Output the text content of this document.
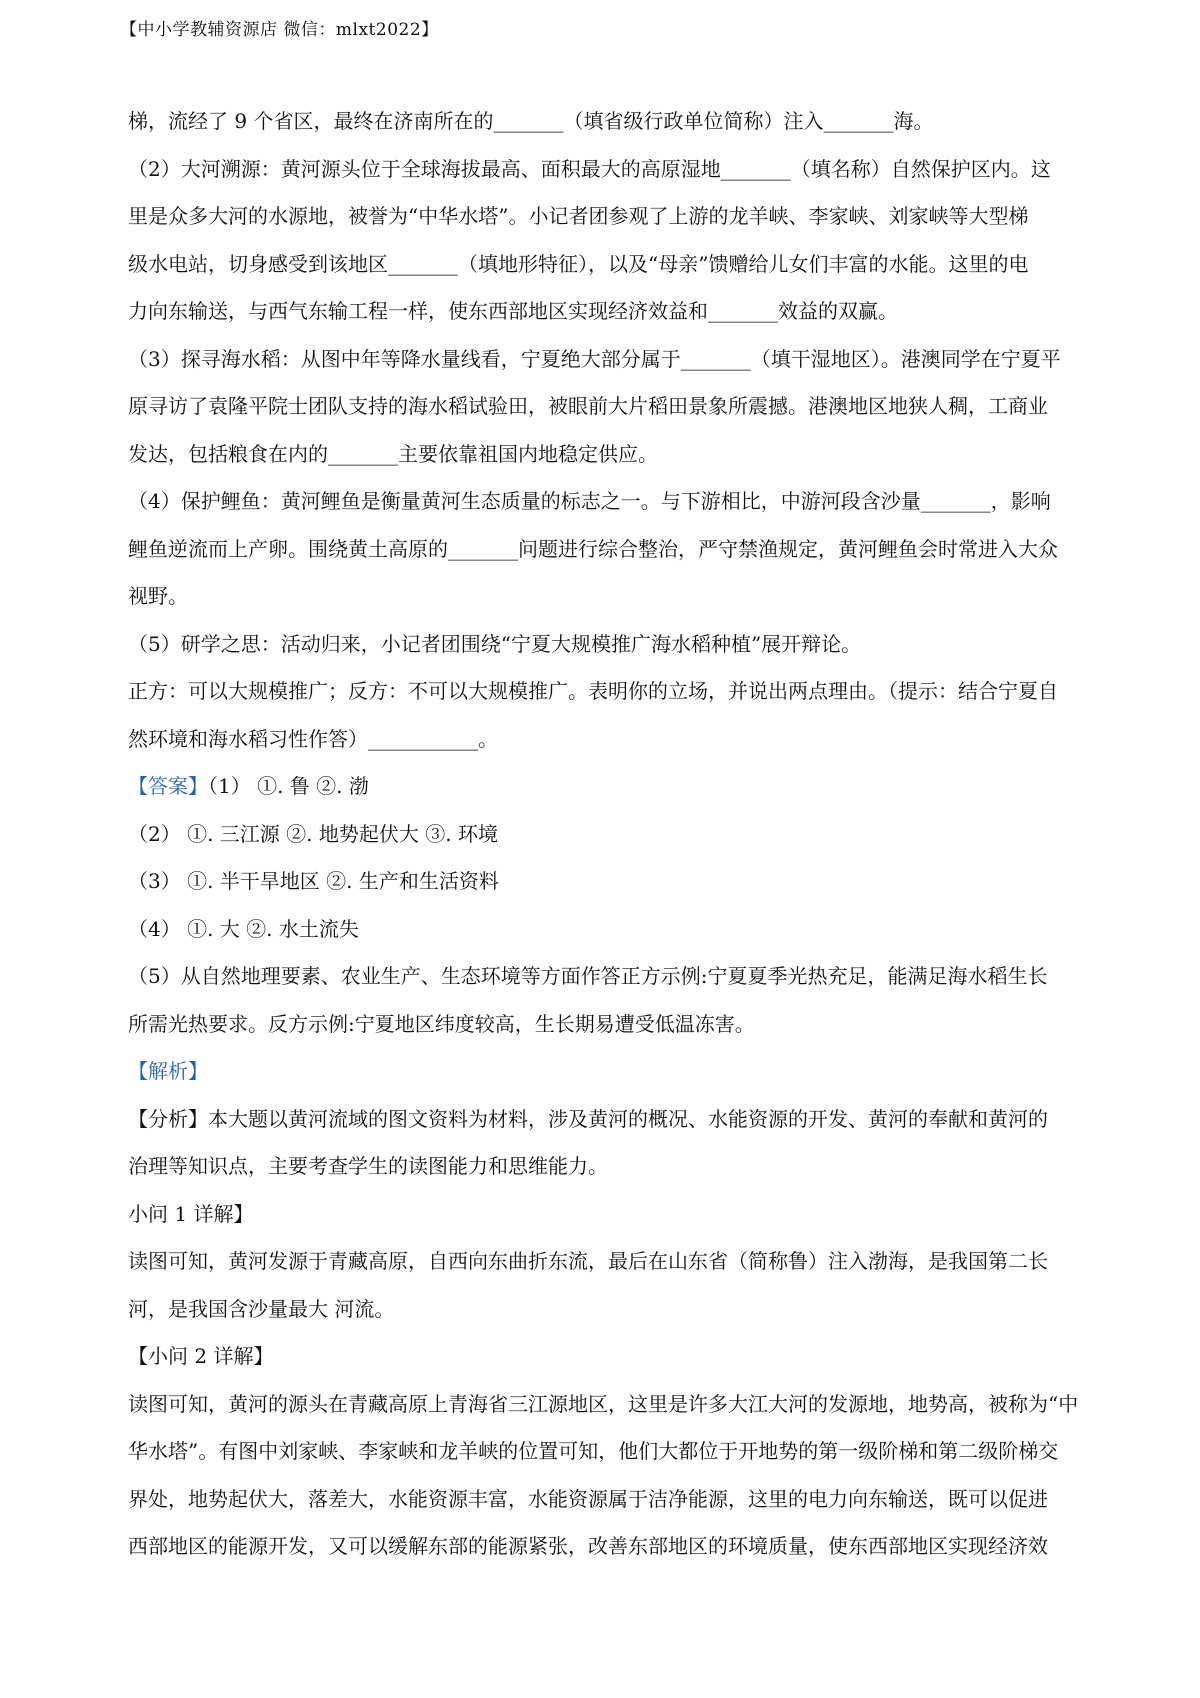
【中小学教辅资源店 微信：mlxt2022】
梯，流经了 9 个省区，最终在济南所在的_______（填省级行政单位简称）注入_______海。
（2）大河溯源：黄河源头位于全球海拔最高、面积最大的高原湿地_______（填名称）自然保护区内。这
里是众多大河的水源地，被誉为“中华水塔”。小记者团参观了上游的龙羊峡、李家峡、刘家峡等大型梯
级水电站，切身感受到该地区_______（填地形特征），以及“母亲”馈赠给儿女们丰富的水能。这里的电
力向东输送，与西气东输工程一样，使东西部地区实现经济效益和_______效益的双赢。
（3）探寻海水稻：从图中年等降水量线看，宁夏绝大部分属于_______（填干湿地区）。港澳同学在宁夏平
原寻访了袁隆平院士团队支持的海水稻试验田，被眼前大片稻田景象所震撼。港澳地区地狭人稠，工商业
发达，包括粮食在内的_______主要依靠祖国内地稳定供应。
（4）保护鲤鱼：黄河鲤鱼是衡量黄河生态质量的标志之一。与下游相比，中游河段含沙量_______，影响
鲤鱼逆流而上产卵。围绕黄土高原的_______问题进行综合整治，严守禁渔规定，黄河鲤鱼会时常进入大众
视野。
（5）研学之思：活动归来，小记者团围绕“宁夏大规模推广海水稻种植”展开辩论。
正方：可以大规模推广；反方：不可以大规模推广。表明你的立场，并说出两点理由。（提示：结合宁夏自
然环境和海水稻习性作答）___________。
【答案】（1） ①. 鲁 ②. 渤
（2） ①. 三江源 ②. 地势起伏大 ③. 环境
（3） ①. 半干旱地区 ②. 生产和生活资料
（4） ①. 大 ②. 水土流失
（5）从自然地理要素、农业生产、生态环境等方面作答正方示例:宁夏夏季光热充足，能满足海水稻生长
所需光热要求。反方示例:宁夏地区纬度较高，生长期易遭受低温冻害。
【解析】
【分析】本大题以黄河流域的图文资料为材料，涉及黄河的概况、水能资源的开发、黄河的奉献和黄河的
治理等知识点，主要考查学生的读图能力和思维能力。
小问 1 详解】
读图可知，黄河发源于青藏高原，自西向东曲折东流，最后在山东省（简称鲁）注入渤海，是我国第二长
河，是我国含沙量最大 河流。
【小问 2 详解】
读图可知，黄河的源头在青藏高原上青海省三江源地区，这里是许多大江大河的发源地，地势高，被称为“中
华水塔”。有图中刘家峡、李家峡和龙羊峡的位置可知，他们大都位于开地势的第一级阶梯和第二级阶梯交
界处，地势起伏大，落差大，水能资源丰富，水能资源属于洁净能源，这里的电力向东输送，既可以促进
西部地区的能源开发，又可以缓解东部的能源紧张，改善东部地区的环境质量，使东西部地区实现经济效
